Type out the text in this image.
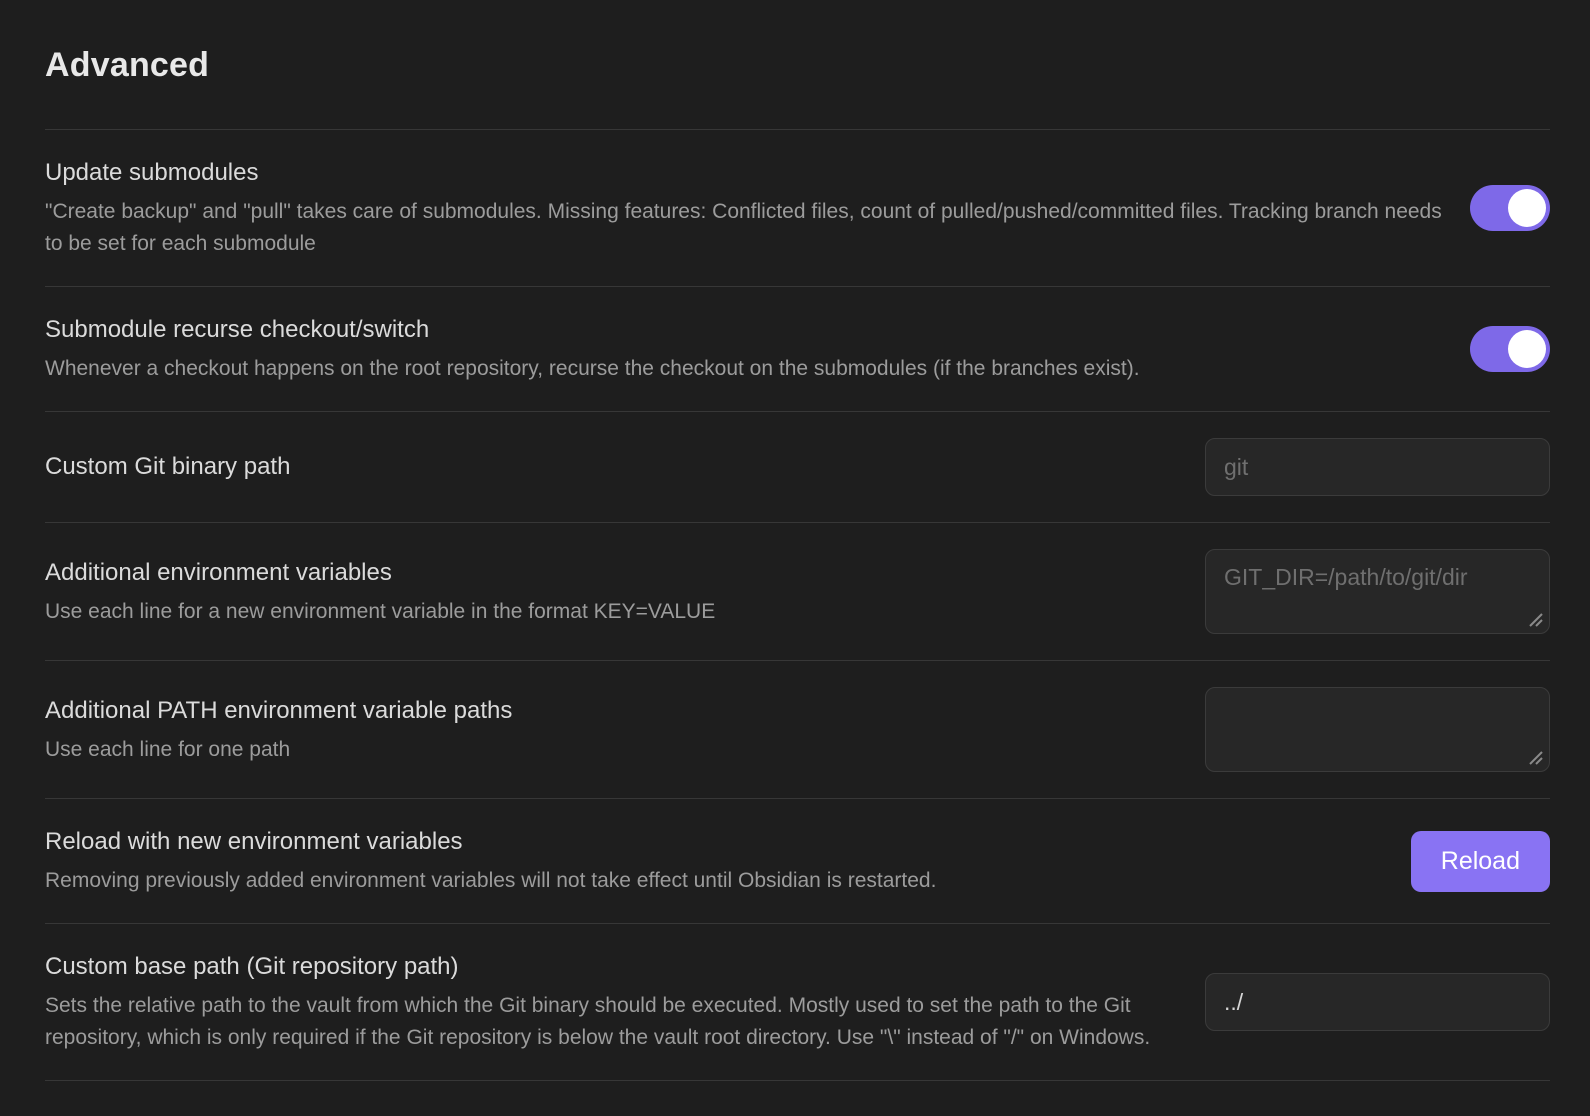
Advanced
Update submodules
"Create backup" and "pull" takes care of submodules. Missing features: Conflicted files, count of pulled/pushed/committed files. Tracking branch needs to be set for each submodule
Submodule recurse checkout/switch
Whenever a checkout happens on the root repository, recurse the checkout on the submodules (if the branches exist).
Custom Git binary path
git
Additional environment variables
Use each line for a new environment variable in the format KEY=VALUE
GIT_DIR=/path/to/git/dir
Additional PATH environment variable paths
Use each line for one path
Reload with new environment variables
Removing previously added environment variables will not take effect until Obsidian is restarted.
Reload
Custom base path (Git repository path)
Sets the relative path to the vault from which the Git binary should be executed. Mostly used to set the path to the Git repository, which is only required if the Git repository is below the vault root directory. Use "\" instead of "/" on Windows.
../
